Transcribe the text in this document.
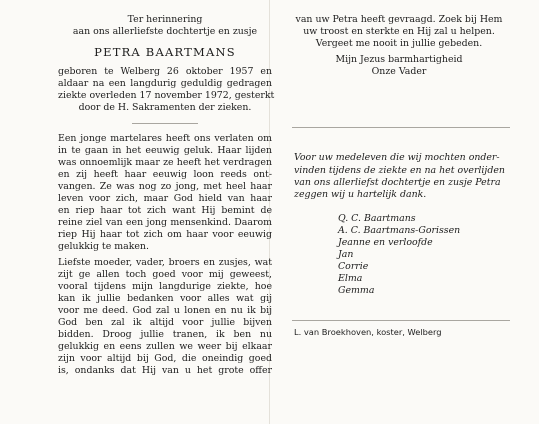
Ter herinnering
aan ons allerliefste dochtertje en zusje
PETRA BAARTMANS
geboren te Welberg 26 oktober 1957 en
aldaar na een langdurig geduldig gedragen
ziekte overleden 17 november 1972, gesterkt
door de H. Sakramenten der zieken.
Een jonge martelares heeft ons verlaten om
in te gaan in het eeuwig geluk. Haar lijden
was onnoemlijk maar ze heeft het verdragen
en zij heeft haar eeuwig loon reeds ont-
vangen. Ze was nog zo jong, met heel haar
leven voor zich, maar God hield van haar
en riep haar tot zich want Hij bemint de
reine ziel van een jong mensenkind. Daarom
riep Hij haar tot zich om haar voor eeuwig
gelukkig te maken.
Liefste moeder, vader, broers en zusjes, wat
zijt ge allen toch goed voor mij geweest,
vooral tijdens mijn langdurige ziekte, hoe
kan ik jullie bedanken voor alles wat gij
voor me deed. God zal u lonen en nu ik bij
God ben zal ik altijd voor jullie bijven
bidden. Droog jullie tranen, ik ben nu
gelukkig en eens zullen we weer bij elkaar
zijn voor altijd bij God, die oneindig goed
is, ondanks dat Hij van u het grote offer
van uw Petra heeft gevraagd. Zoek bij Hem
uw troost en sterkte en Hij zal u helpen.
Vergeet me nooit in jullie gebeden.
Mijn Jezus barmhartigheid
Onze Vader
Voor uw medeleven die wij mochten onder-
vinden tijdens de ziekte en na het overlijden
van ons allerliefst dochtertje en zusje Petra
zeggen wij u hartelijk dank.
Q. C. Baartmans
A. C. Baartmans-Gorissen
Jeanne en verloofde
Jan
Corrie
Elma
Gemma
L. van Broekhoven, koster, Welberg
